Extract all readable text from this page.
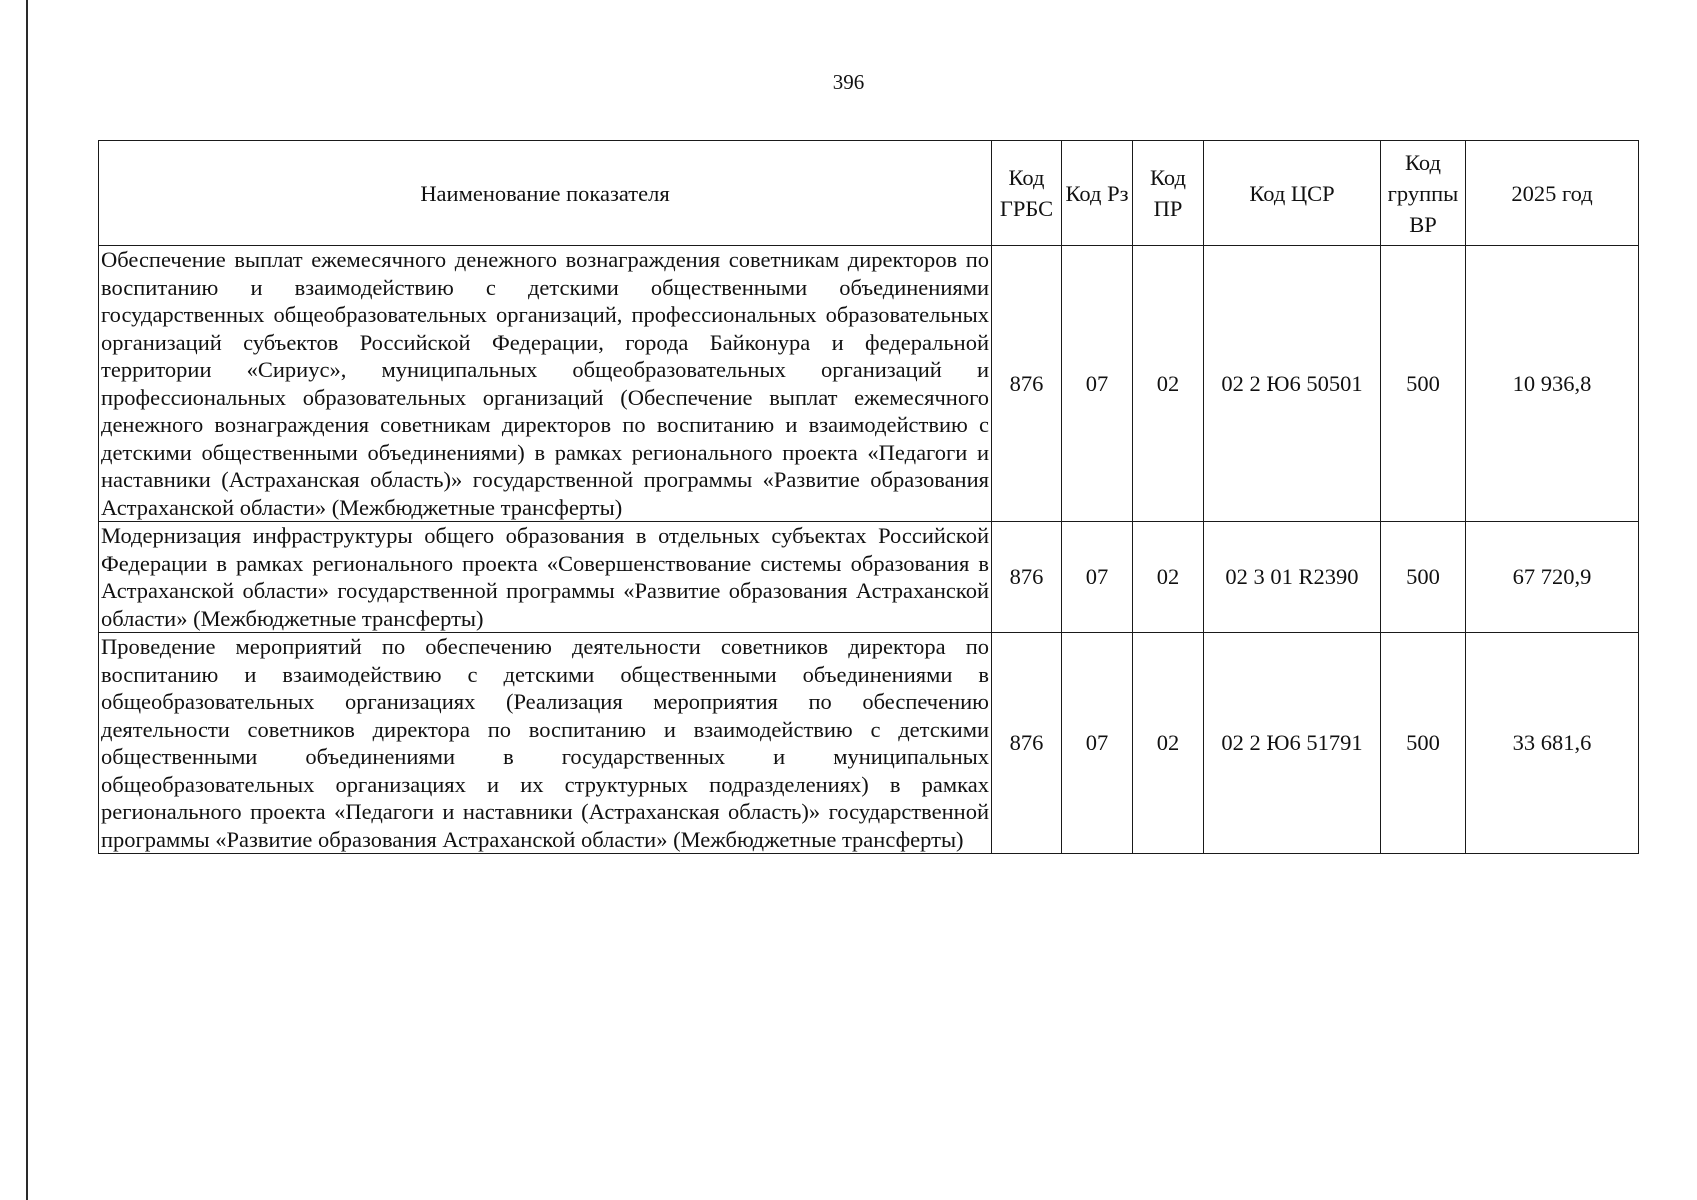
396
Наименование показателя	Код ГРБС	Код Рз	Код ПР	Код ЦСР	Код группы ВР	2025 год
Обеспечение выплат ежемесячного денежного вознаграждения советникам директоров по воспитанию и взаимодействию с детскими общественными объединениями государственных общеобразовательных организаций, профессиональных образовательных организаций субъектов Российской Федерации, города Байконура и федеральной территории «Сириус», муниципальных общеобразовательных организаций и профессиональных образовательных организаций (Обеспечение выплат ежемесячного денежного вознаграждения советникам директоров по воспитанию и взаимодействию с детскими общественными объединениями) в рамках регионального проекта «Педагоги и наставники (Астраханская область)» государственной программы «Развитие образования Астраханской области» (Межбюджетные трансферты)	876	07	02	02 2 Ю6 50501	500	10 936,8
Модернизация инфраструктуры общего образования в отдельных субъектах Российской Федерации в рамках регионального проекта «Совершенствование системы образования в Астраханской области» государственной программы «Развитие образования Астраханской области» (Межбюджетные трансферты)	876	07	02	02 3 01 R2390	500	67 720,9
Проведение мероприятий по обеспечению деятельности советников директора по воспитанию и взаимодействию с детскими общественными объединениями в общеобразовательных организациях (Реализация мероприятия по обеспечению деятельности советников директора по воспитанию и взаимодействию с детскими общественными объединениями в государственных и муниципальных общеобразовательных организациях и их структурных подразделениях) в рамках регионального проекта «Педагоги и наставники (Астраханская область)» государственной программы «Развитие образования Астраханской области» (Межбюджетные трансферты)	876	07	02	02 2 Ю6 51791	500	33 681,6
